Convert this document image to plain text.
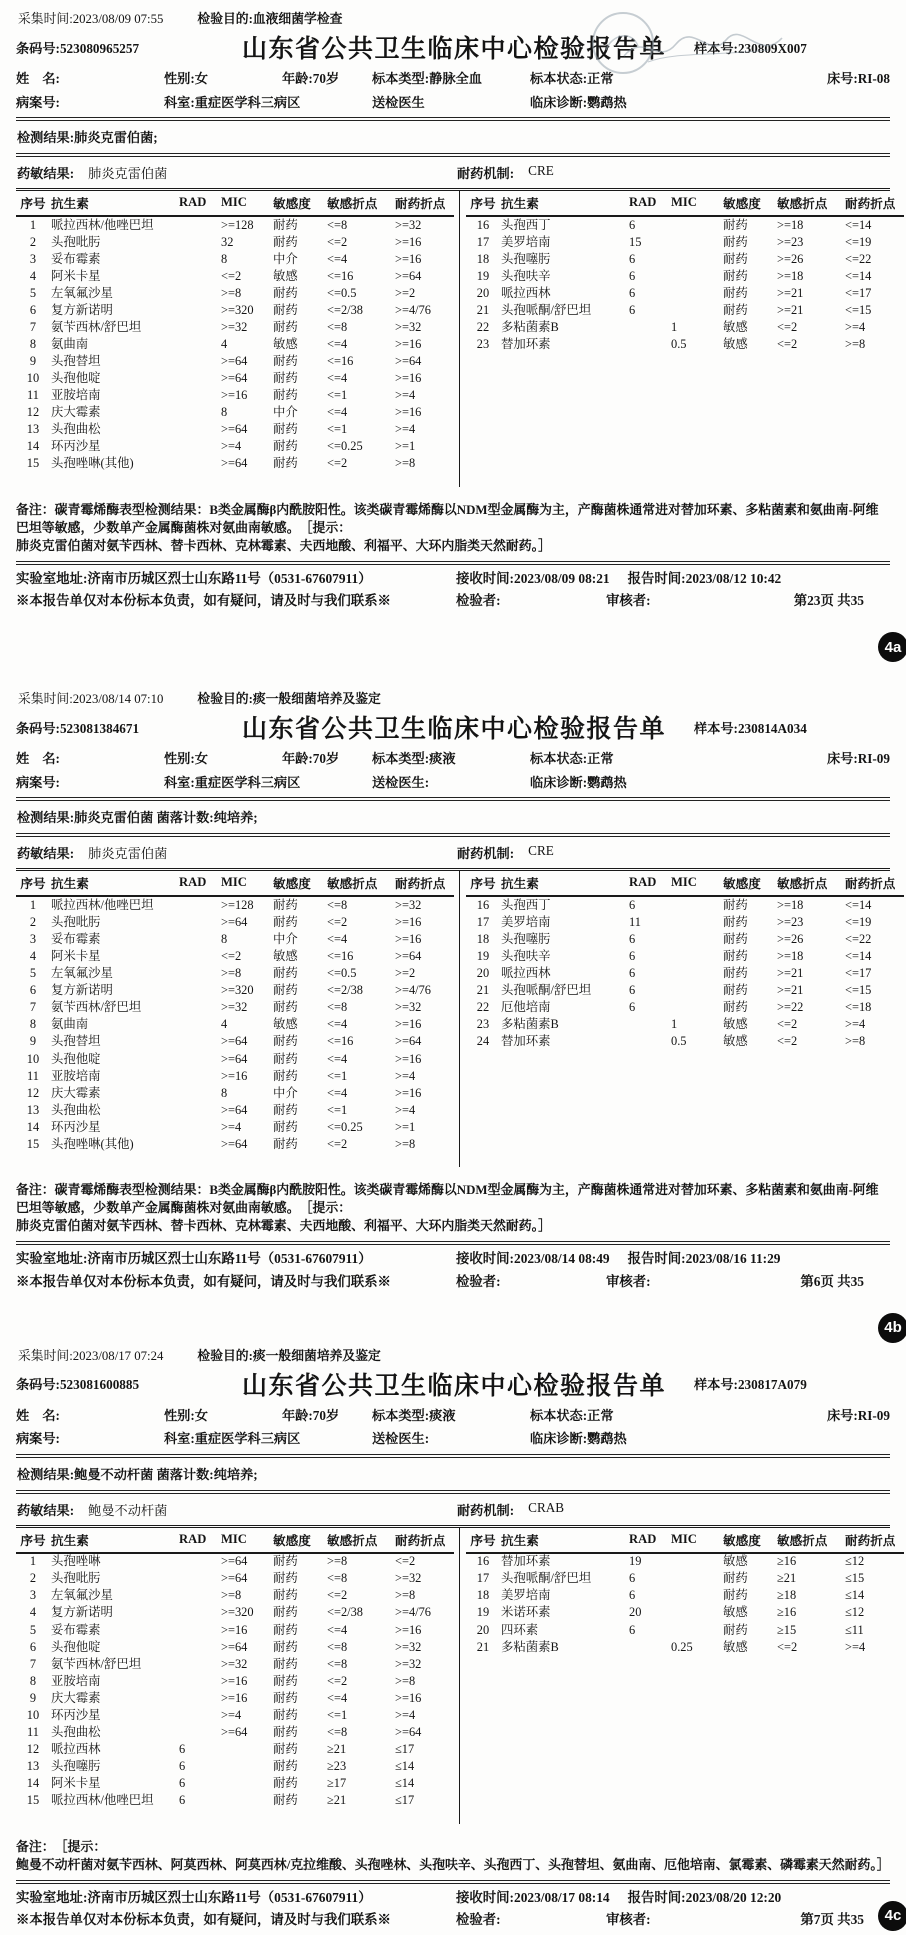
采集时间:2023/08/09 07:55	检验目的:血液细菌学检查
条码号:523080965257	山东省公共卫生临床中心检验报告单	样本号:230809X007
姓　名:	性别:女	年龄:70岁	标本类型:静脉全血	标本状态:正常	床号:RI-08
病案号:	科室:重症医学科三病区	送检医生	临床诊断:鹦鹉热
检测结果:肺炎克雷伯菌;
药敏结果: 肺炎克雷伯菌	耐药机制: CRE
序号	抗生素	RAD	MIC	敏感度	敏感折点	耐药折点
1	哌拉西林/他唑巴坦		>=128	耐药	<=8	>=32
2	头孢吡肟		32	耐药	<=2	>=16
3	妥布霉素		8	中介	<=4	>=16
4	阿米卡星		<=2	敏感	<=16	>=64
5	左氧氟沙星		>=8	耐药	<=0.5	>=2
6	复方新诺明		>=320	耐药	<=2/38	>=4/76
7	氨苄西林/舒巴坦		>=32	耐药	<=8	>=32
8	氨曲南		4	敏感	<=4	>=16
9	头孢替坦		>=64	耐药	<=16	>=64
10	头孢他啶		>=64	耐药	<=4	>=16
11	亚胺培南		>=16	耐药	<=1	>=4
12	庆大霉素		8	中介	<=4	>=16
13	头孢曲松		>=64	耐药	<=1	>=4
14	环丙沙星		>=4	耐药	<=0.25	>=1
15	头孢唑啉(其他)		>=64	耐药	<=2	>=8
序号	抗生素	RAD	MIC	敏感度	敏感折点	耐药折点
16	头孢西丁	6		耐药	>=18	<=14
17	美罗培南	15		耐药	>=23	<=19
18	头孢噻肟	6		耐药	>=26	<=22
19	头孢呋辛	6		耐药	>=18	<=14
20	哌拉西林	6		耐药	>=21	<=17
21	头孢哌酮/舒巴坦	6		耐药	>=21	<=15
22	多粘菌素B		1	敏感	<=2	>=4
23	替加环素		0.5	敏感	<=2	>=8
备注：碳青霉烯酶表型检测结果：B类金属酶β内酰胺阳性。该类碳青霉烯酶以NDM型金属酶为主，产酶菌株通常进对替加环素、多粘菌素和氨曲南-阿维巴坦等敏感，少数单产金属酶菌株对氨曲南敏感。　［提示：
肺炎克雷伯菌对氨苄西林、替卡西林、克林霉素、夫西地酸、利福平、大环内脂类天然耐药。］
实验室地址:济南市历城区烈士山东路11号（0531-67607911）	接收时间:2023/08/09 08:21 报告时间:2023/08/12 10:42
※本报告单仅对本份标本负责，如有疑问，请及时与我们联系※	检验者:	审核者:	第23页 共35
4a
采集时间:2023/08/14 07:10	检验目的:痰一般细菌培养及鉴定
条码号:523081384671	山东省公共卫生临床中心检验报告单	样本号:230814A034
姓　名:	性别:女	年龄:70岁	标本类型:痰液	标本状态:正常	床号:RI-09
病案号:	科室:重症医学科三病区	送检医生:	临床诊断:鹦鹉热
检测结果:肺炎克雷伯菌 菌落计数:纯培养;
药敏结果: 肺炎克雷伯菌	耐药机制: CRE
序号	抗生素	RAD	MIC	敏感度	敏感折点	耐药折点
1	哌拉西林/他唑巴坦		>=128	耐药	<=8	>=32
2	头孢吡肟		>=64	耐药	<=2	>=16
3	妥布霉素		8	中介	<=4	>=16
4	阿米卡星		<=2	敏感	<=16	>=64
5	左氧氟沙星		>=8	耐药	<=0.5	>=2
6	复方新诺明		>=320	耐药	<=2/38	>=4/76
7	氨苄西林/舒巴坦		>=32	耐药	<=8	>=32
8	氨曲南		4	敏感	<=4	>=16
9	头孢替坦		>=64	耐药	<=16	>=64
10	头孢他啶		>=64	耐药	<=4	>=16
11	亚胺培南		>=16	耐药	<=1	>=4
12	庆大霉素		8	中介	<=4	>=16
13	头孢曲松		>=64	耐药	<=1	>=4
14	环丙沙星		>=4	耐药	<=0.25	>=1
15	头孢唑啉(其他)		>=64	耐药	<=2	>=8
序号	抗生素	RAD	MIC	敏感度	敏感折点	耐药折点
16	头孢西丁	6		耐药	>=18	<=14
17	美罗培南	11		耐药	>=23	<=19
18	头孢噻肟	6		耐药	>=26	<=22
19	头孢呋辛	6		耐药	>=18	<=14
20	哌拉西林	6		耐药	>=21	<=17
21	头孢哌酮/舒巴坦	6		耐药	>=21	<=15
22	厄他培南	6		耐药	>=22	<=18
23	多粘菌素B		1	敏感	<=2	>=4
24	替加环素		0.5	敏感	<=2	>=8
备注：碳青霉烯酶表型检测结果：B类金属酶β内酰胺阳性。该类碳青霉烯酶以NDM型金属酶为主，产酶菌株通常进对替加环素、多粘菌素和氨曲南-阿维巴坦等敏感，少数单产金属酶菌株对氨曲南敏感。　［提示：
肺炎克雷伯菌对氨苄西林、替卡西林、克林霉素、夫西地酸、利福平、大环内脂类天然耐药。］
实验室地址:济南市历城区烈士山东路11号（0531-67607911）	接收时间:2023/08/14 08:49 报告时间:2023/08/16 11:29
※本报告单仅对本份标本负责，如有疑问，请及时与我们联系※	检验者:	审核者:	第6页 共35
4b
采集时间:2023/08/17 07:24	检验目的:痰一般细菌培养及鉴定
条码号:523081600885	山东省公共卫生临床中心检验报告单	样本号:230817A079
姓　名:	性别:女	年龄:70岁	标本类型:痰液	标本状态:正常	床号:RI-09
病案号:	科室:重症医学科三病区	送检医生:	临床诊断:鹦鹉热
检测结果:鲍曼不动杆菌 菌落计数:纯培养;
药敏结果: 鲍曼不动杆菌	耐药机制: CRAB
序号	抗生素	RAD	MIC	敏感度	敏感折点	耐药折点
1	头孢唑啉		>=64	耐药	>=8	<=2
2	头孢吡肟		>=64	耐药	<=8	>=32
3	左氧氟沙星		>=8	耐药	<=2	>=8
4	复方新诺明		>=320	耐药	<=2/38	>=4/76
5	妥布霉素		>=16	耐药	<=4	>=16
6	头孢他啶		>=64	耐药	<=8	>=32
7	氨苄西林/舒巴坦		>=32	耐药	<=8	>=32
8	亚胺培南		>=16	耐药	<=2	>=8
9	庆大霉素		>=16	耐药	<=4	>=16
10	环丙沙星		>=4	耐药	<=1	>=4
11	头孢曲松		>=64	耐药	<=8	>=64
12	哌拉西林	6		耐药	≥21	≤17
13	头孢噻肟	6		耐药	≥23	≤14
14	阿米卡星	6		耐药	≥17	≤14
15	哌拉西林/他唑巴坦	6		耐药	≥21	≤17
序号	抗生素	RAD	MIC	敏感度	敏感折点	耐药折点
16	替加环素	19		敏感	≥16	≤12
17	头孢哌酮/舒巴坦	6		耐药	≥21	≤15
18	美罗培南	6		耐药	≥18	≤14
19	米诺环素	20		敏感	≥16	≤12
20	四环素	6		耐药	≥15	≤11
21	多粘菌素B		0.25	敏感	<=2	>=4
备注：　［提示：
鲍曼不动杆菌对氨苄西林、阿莫西林、阿莫西林/克拉维酸、头孢唑林、头孢呋辛、头孢西丁、头孢替坦、氨曲南、厄他培南、氯霉素、磷霉素天然耐药。］
实验室地址:济南市历城区烈士山东路11号（0531-67607911）	接收时间:2023/08/17 08:14 报告时间:2023/08/20 12:20
※本报告单仅对本份标本负责，如有疑问，请及时与我们联系※	检验者:	审核者:	第7页 共35	4c
